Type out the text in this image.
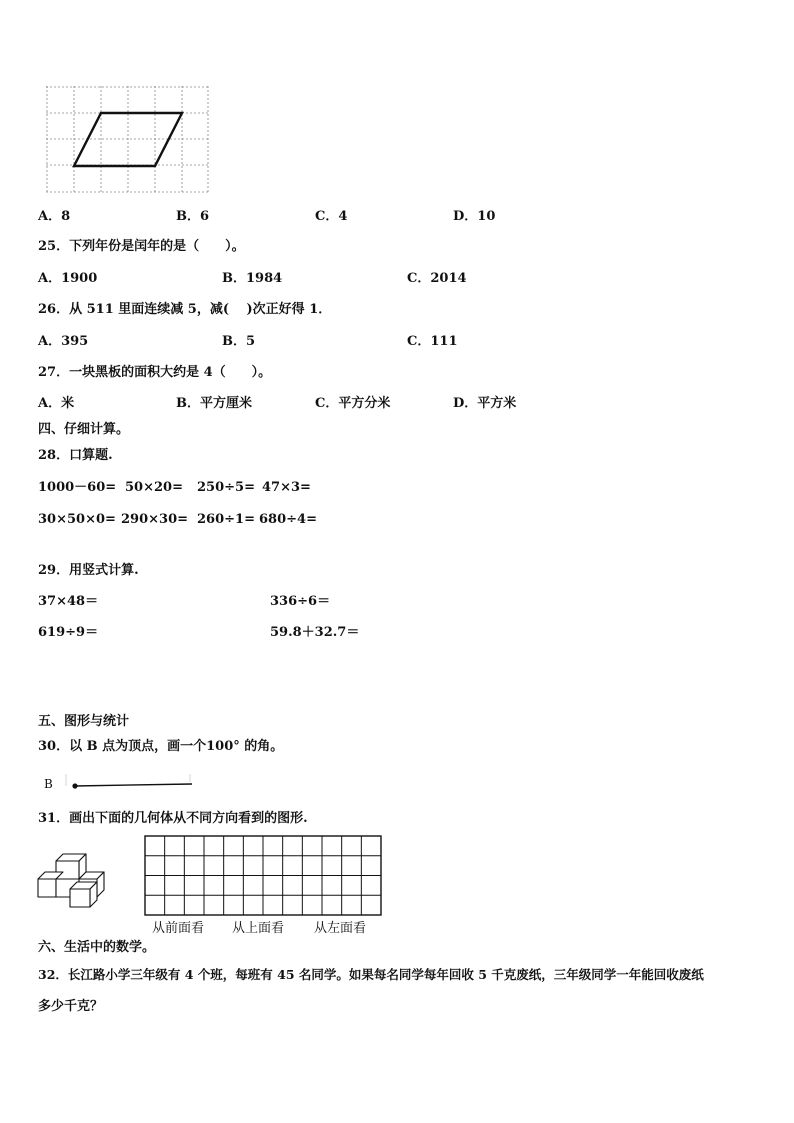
A．8	B．6	C．4	D．10
25．下列年份是闰年的是（　　）。
A．1900	B．1984	C．2014
26．从 511 里面连续减 5，减(　 )次正好得 1．
A．395	B．5	C．111
27．一块黑板的面积大约是 4（　　）。
A．米	B．平方厘米	C．平方分米	D．平方米
四、仔细计算。
28．口算题.
1000－60= 50×20= 250÷5= 47×3=
30×50×0= 290×30= 260÷1= 680÷4=
29．用竖式计算.
37×48＝	336÷6＝
619÷9＝	59.8＋32.7＝
五、图形与统计
30．以 B 点为顶点，画一个100° 的角。
B
31．画出下面的几何体从不同方向看到的图形.
从前面看 从上面看 从左面看
六、生活中的数学。
32．长江路小学三年级有 4 个班，每班有 45 名同学。如果每名同学每年回收 5 千克废纸，三年级同学一年能回收废纸
多少千克？
